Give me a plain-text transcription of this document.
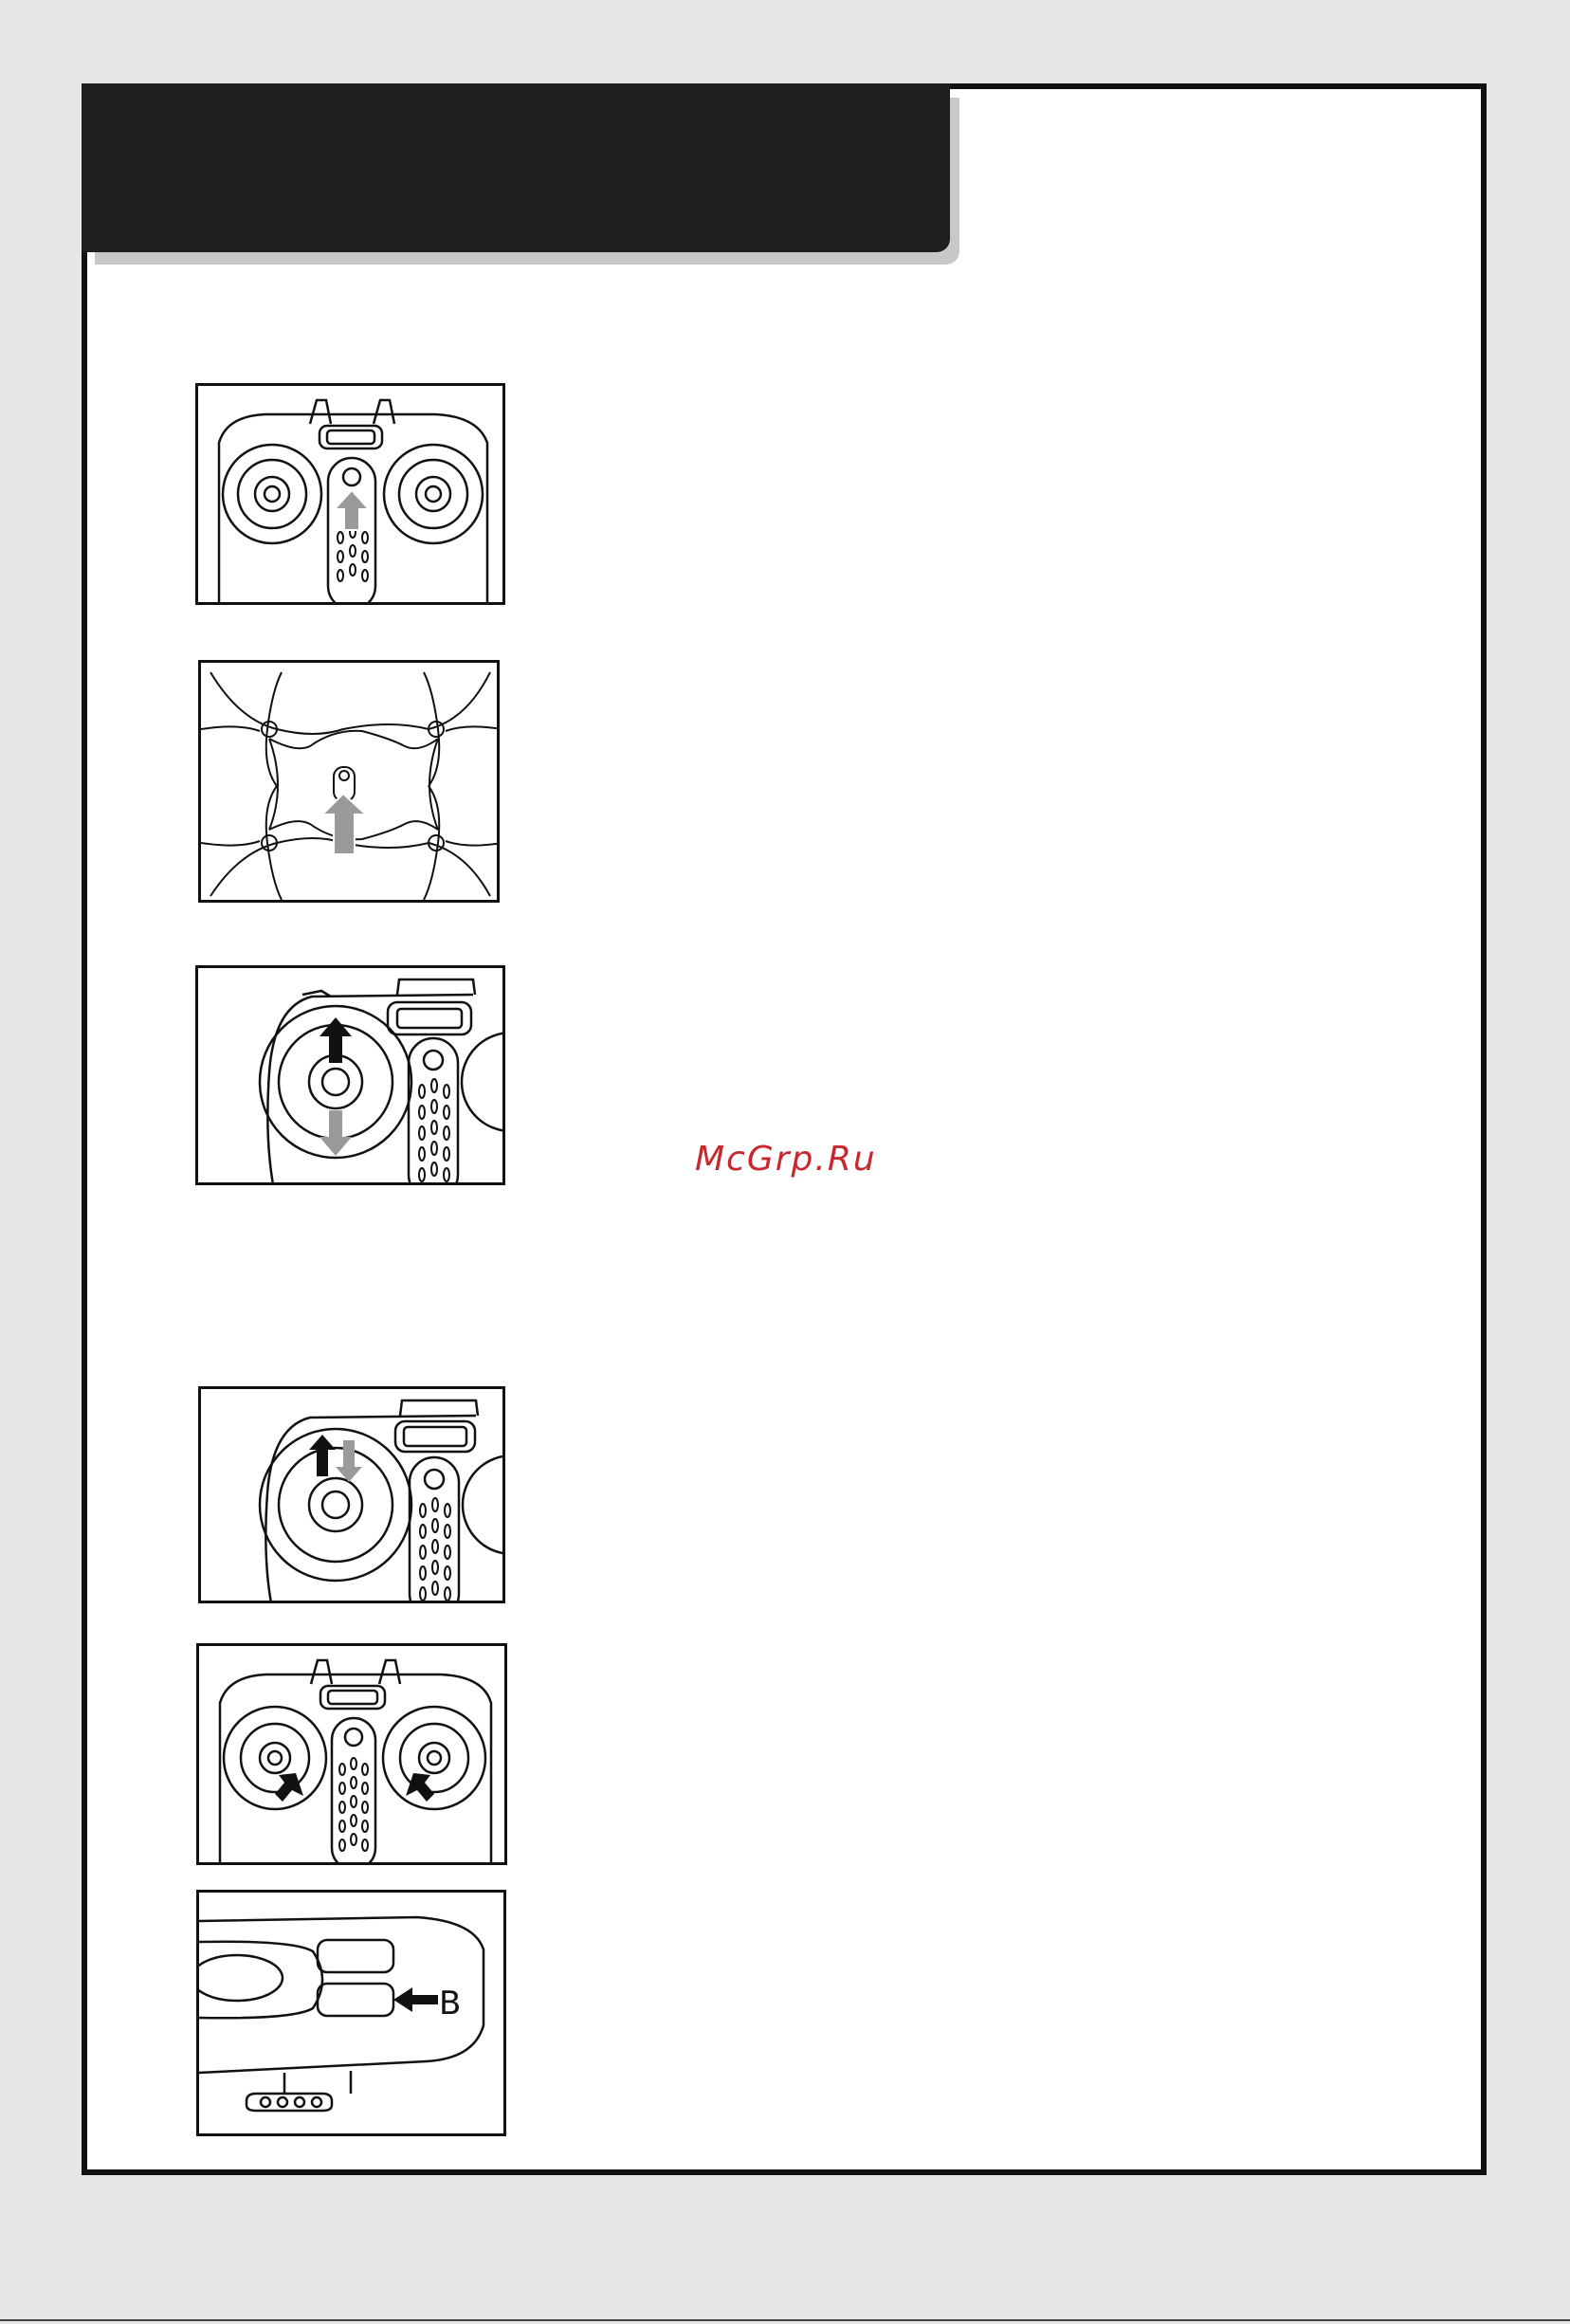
McGrp.Ru
B
